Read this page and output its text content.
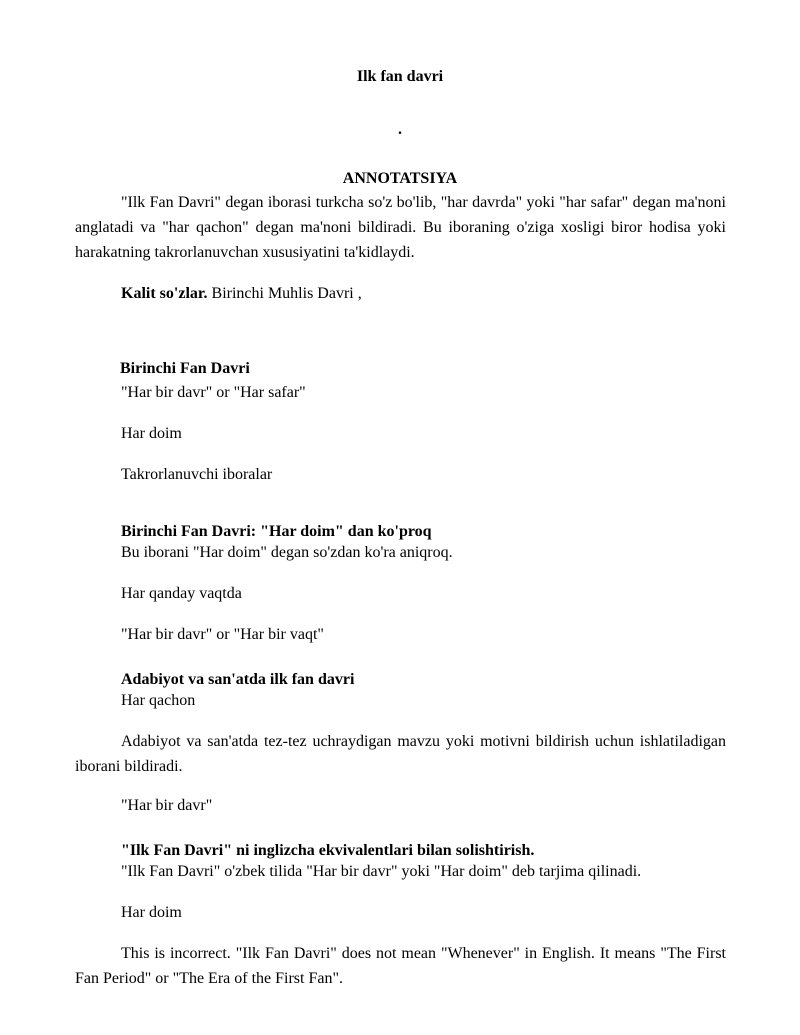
Ilk fan davri
.
ANNOTATSIYA
"Ilk Fan Davri" degan iborasi turkcha so'z bo'lib, "har davrda" yoki "har safar" degan ma'noni anglatadi va "har qachon" degan ma'noni bildiradi. Bu iboraning o'ziga xosligi biror hodisa yoki harakatning takrorlanuvchan xususiyatini ta'kidlaydi.
Kalit so'zlar. Birinchi Muhlis Davri ,
Birinchi Fan Davri
"Har bir davr" or "Har safar"
Har doim
Takrorlanuvchi iboralar
Birinchi Fan Davri: "Har doim" dan ko'proq
Bu iborani "Har doim" degan so'zdan ko'ra aniqroq.
Har qanday vaqtda
"Har bir davr" or "Har bir vaqt"
Adabiyot va san'atda ilk fan davri
Har qachon
Adabiyot va san'atda tez-tez uchraydigan mavzu yoki motivni bildirish uchun ishlatiladigan iborani bildiradi.
"Har bir davr"
"Ilk Fan Davri" ni inglizcha ekvivalentlari bilan solishtirish.
"Ilk Fan Davri" o'zbek tilida "Har bir davr" yoki "Har doim" deb tarjima qilinadi.
Har doim
This is incorrect. "Ilk Fan Davri" does not mean "Whenever" in English. It means "The First Fan Period" or "The Era of the First Fan".
